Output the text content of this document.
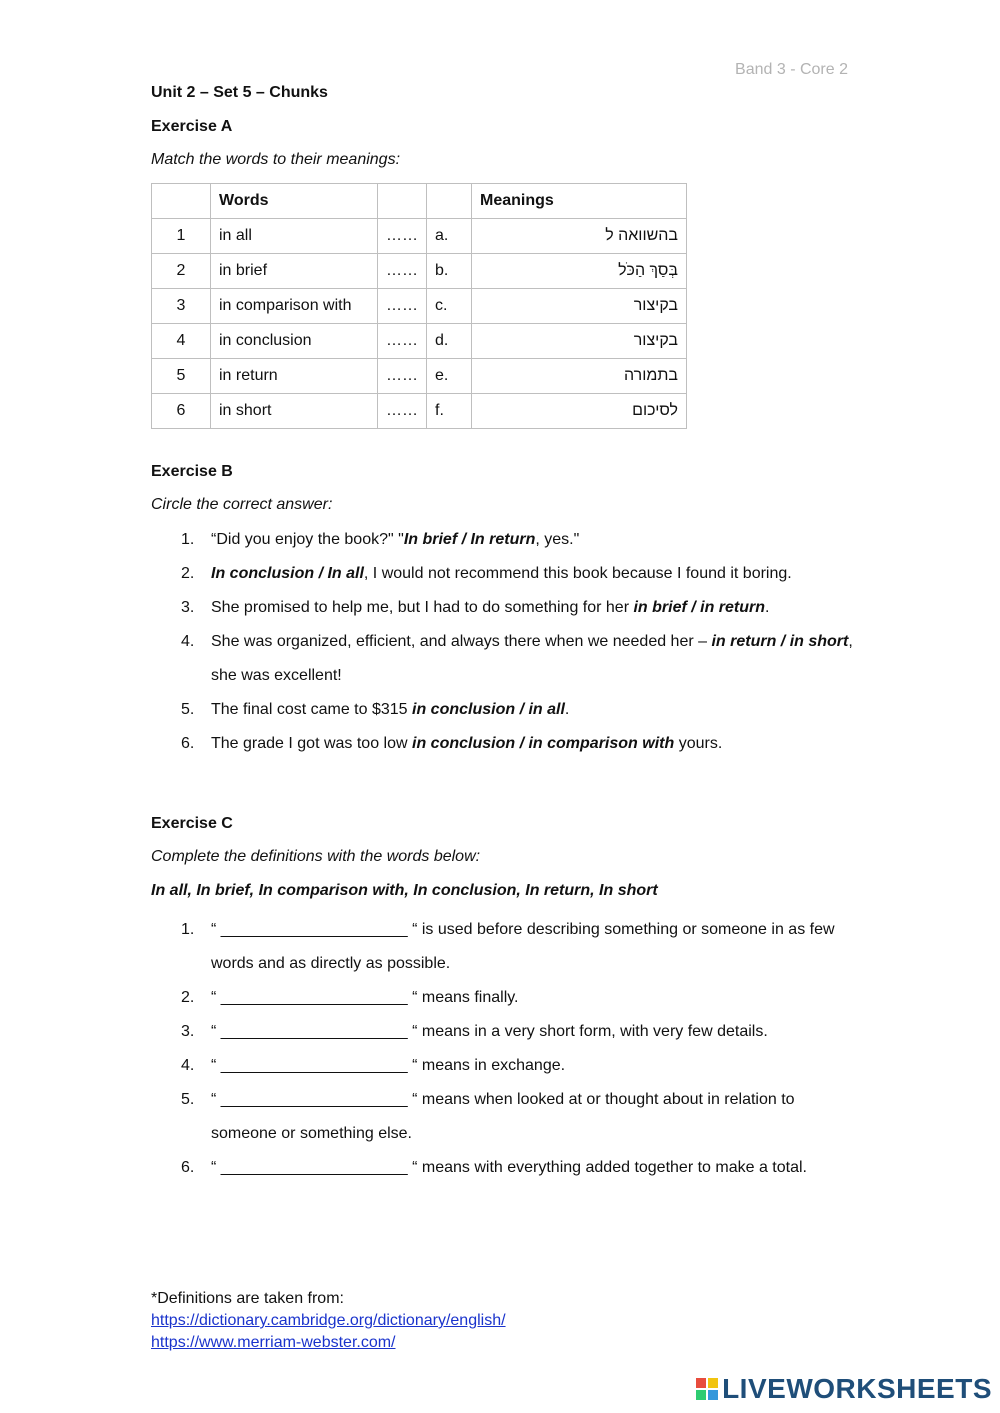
Band 3 - Core 2
Unit 2 – Set 5 – Chunks
Exercise A
Match the words to their meanings:
	Words			Meanings
1	in all	……	a.	בהשוואה ל
2	in brief	……	b.	בְּסַךְ הַכֹּל
3	in comparison with	……	c.	בקיצור
4	in conclusion	……	d.	בקיצור
5	in return	……	e.	בתמורה
6	in short	……	f.	לסיכום
Exercise B
Circle the correct answer:
1.	“Did you enjoy the book?" "In brief / In return, yes."
2.	In conclusion / In all, I would not recommend this book because I found it boring.
3.	She promised to help me, but I had to do something for her in brief / in return.
4.	She was organized, efficient, and always there when we needed her – in return / in short, she was excellent!
5.	The final cost came to $315 in conclusion / in all.
6.	The grade I got was too low in conclusion / in comparison with yours.
Exercise C
Complete the definitions with the words below:
In all, In brief, In comparison with, In conclusion, In return, In short
1.	“ _____________________ “ is used before describing something or someone in as few words and as directly as possible.
2.	“ _____________________ “ means finally.
3.	“ _____________________ “ means in a very short form, with very few details.
4.	“ _____________________ “ means in exchange.
5.	“ _____________________ “ means when looked at or thought about in relation to someone or something else.
6.	“ _____________________ “ means with everything added together to make a total.
*Definitions are taken from:
https://dictionary.cambridge.org/dictionary/english/
https://www.merriam-webster.com/
LIVEWORKSHEETS
